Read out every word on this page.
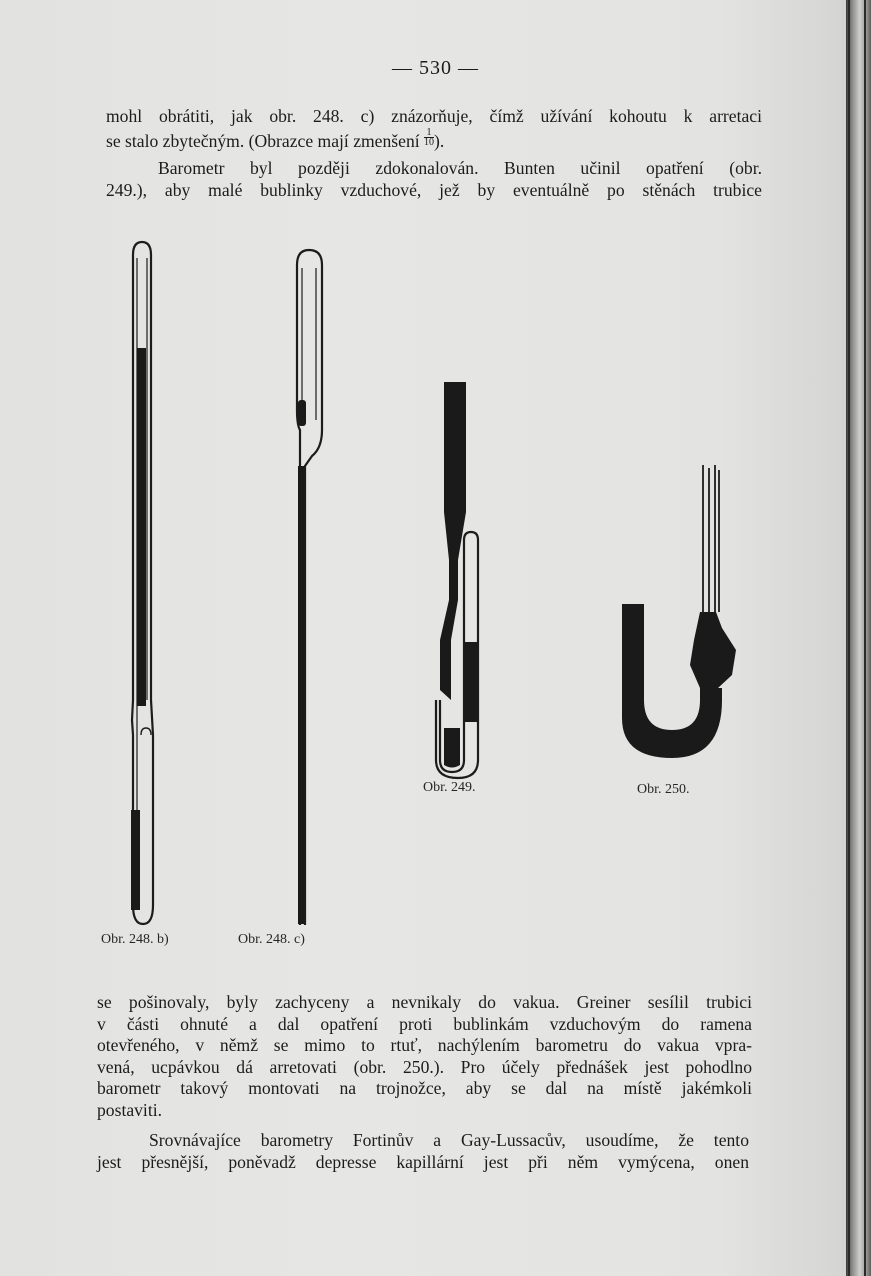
— 530 —
mohl obrátiti, jak obr. 248. c) znázorňuje, čímž užívání kohoutu k arretaci
se stalo zbytečným. (Obrazce mají zmenšení $\frac{1}{10}$ ).
Barometr byl později zdokonalován. Bunten učinil opatření (obr.
249.), aby malé bublinky vzduchové, jež by eventuálně po stěnách trubice
Obr. 248. b)	Obr. 248. c)
Obr. 249.	Obr. 250.
se pošinovaly, byly zachyceny a nevnikaly do vakua. Greiner sesílil trubici
v části ohnuté a dal opatření proti bublinkám vzduchovým do ramena
otevřeného, v němž se mimo to rtuť, nachýlením barometru do vakua vpra-
vená, ucpávkou dá arretovati (obr. 250.). Pro účely přednášek jest pohodlno
barometr takový montovati na trojnožce, aby se dal na místě jakémkoli
postaviti.
Srovnávajíce barometry Fortinův a Gay-Lussacův, usoudíme, že tento
jest přesnější, poněvadž depresse kapillární jest při něm vymýcena, onen
